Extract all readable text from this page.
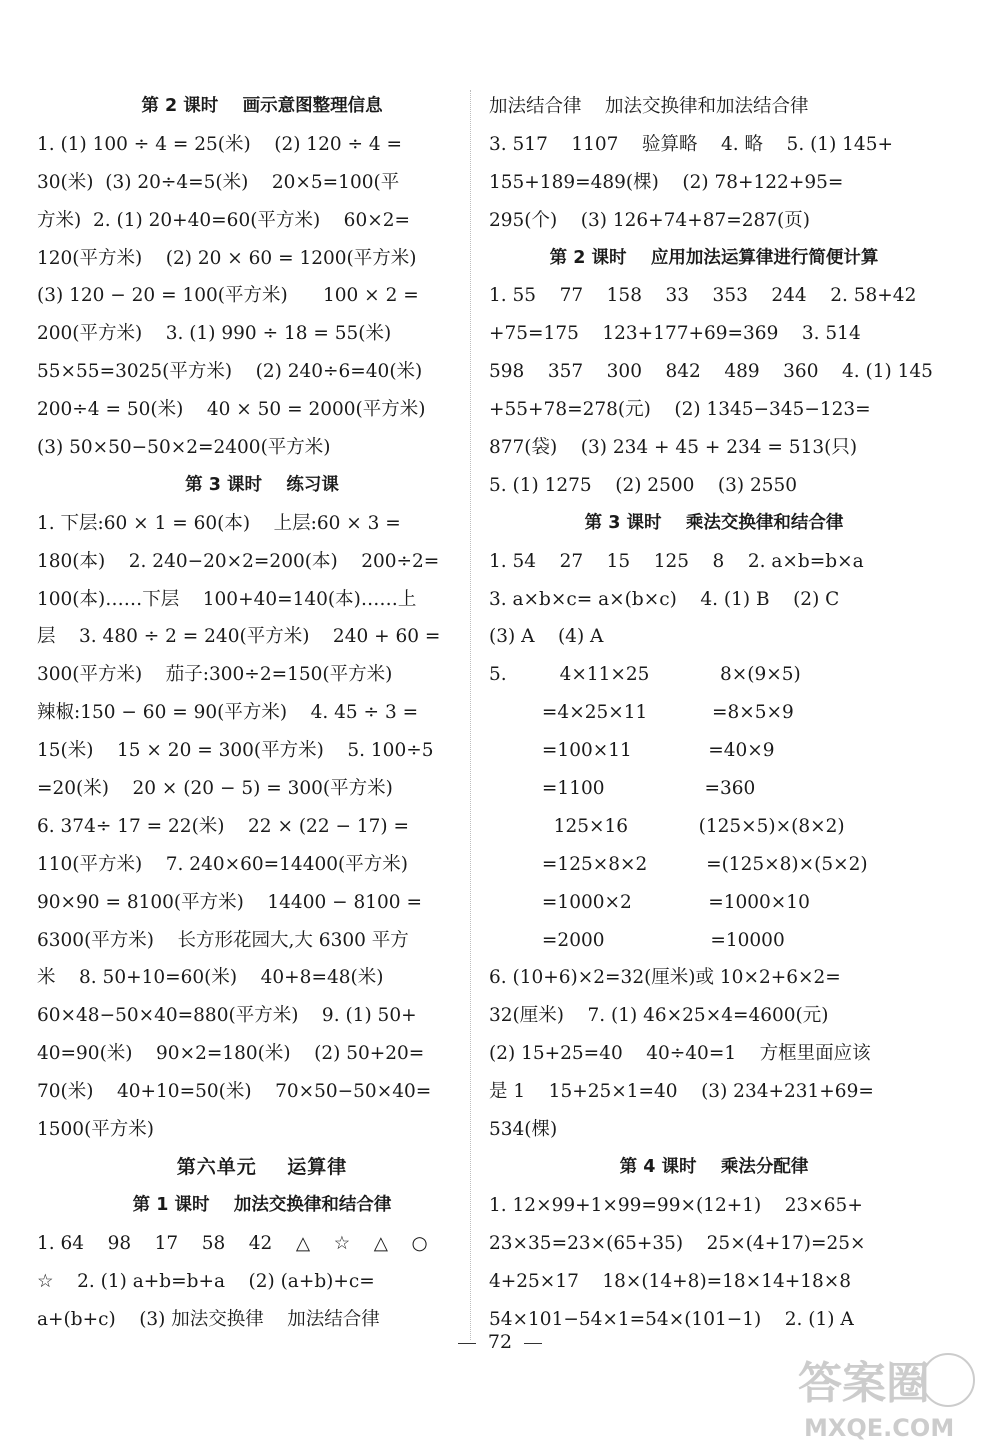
第 2 课时    画示意图整理信息
1. (1) 100 ÷ 4 = 25(米)    (2) 120 ÷ 4 =
30(米)  (3) 20÷4=5(米)    20×5=100(平
方米)  2. (1) 20+40=60(平方米)    60×2=
120(平方米)    (2) 20 × 60 = 1200(平方米)
(3) 120 − 20 = 100(平方米)      100 × 2 =
200(平方米)    3. (1) 990 ÷ 18 = 55(米)
55×55=3025(平方米)    (2) 240÷6=40(米)
200÷4 = 50(米)    40 × 50 = 2000(平方米)
(3) 50×50−50×2=2400(平方米)
第 3 课时    练习课
1. 下层:60 × 1 = 60(本)    上层:60 × 3 =
180(本)    2. 240−20×2=200(本)    200÷2=
100(本)……下层    100+40=140(本)……上
层    3. 480 ÷ 2 = 240(平方米)    240 + 60 =
300(平方米)    茄子:300÷2=150(平方米)
辣椒:150 − 60 = 90(平方米)    4. 45 ÷ 3 =
15(米)    15 × 20 = 300(平方米)    5. 100÷5
=20(米)    20 × (20 − 5) = 300(平方米)
6. 374÷ 17 = 22(米)    22 × (22 − 17) =
110(平方米)    7. 240×60=14400(平方米)
90×90 = 8100(平方米)    14400 − 8100 =
6300(平方米)    长方形花园大,大 6300 平方
米    8. 50+10=60(米)    40+8=48(米)
60×48−50×40=880(平方米)    9. (1) 50+
40=90(米)    90×2=180(米)    (2) 50+20=
70(米)    40+10=50(米)    70×50−50×40=
1500(平方米)
第六单元    运算律
第 1 课时    加法交换律和结合律
1. 64    98    17    58    42    △    ☆    △    ○
☆    2. (1) a+b=b+a    (2) (a+b)+c=
a+(b+c)    (3) 加法交换律    加法结合律
加法结合律    加法交换律和加法结合律
3. 517    1107    验算略    4. 略    5. (1) 145+
155+189=489(棵)    (2) 78+122+95=
295(个)    (3) 126+74+87=287(页)
第 2 课时    应用加法运算律进行简便计算
1. 55    77    158    33    353    244    2. 58+42
+75=175    123+177+69=369    3. 514
598    357    300    842    489    360    4. (1) 145
+55+78=278(元)    (2) 1345−345−123=
877(袋)    (3) 234 + 45 + 234 = 513(只)
5. (1) 1275    (2) 2500    (3) 2550
第 3 课时    乘法交换律和结合律
1. 54    27    15    125    8    2. a×b=b×a
3. a×b×c= a×(b×c)    4. (1) B    (2) C
(3) A    (4) A
5.         4×11×25            8×(9×5)
=4×25×11           =8×5×9
=100×11             =40×9
=1100                 =360
125×16            (125×5)×(8×2)
=125×8×2          =(125×8)×(5×2)
=1000×2             =1000×10
=2000                  =10000
6. (10+6)×2=32(厘米)或 10×2+6×2=
32(厘米)    7. (1) 46×25×4=4600(元)
(2) 15+25=40    40÷40=1    方框里面应该
是 1    15+25×1=40    (3) 234+231+69=
534(棵)
第 4 课时    乘法分配律
1. 12×99+1×99=99×(12+1)    23×65+
23×35=23×(65+35)    25×(4+17)=25×
4+25×17    18×(14+8)=18×14+18×8
54×101−54×1=54×(101−1)    2. (1) A
72
答案圈
MXQE.COM
